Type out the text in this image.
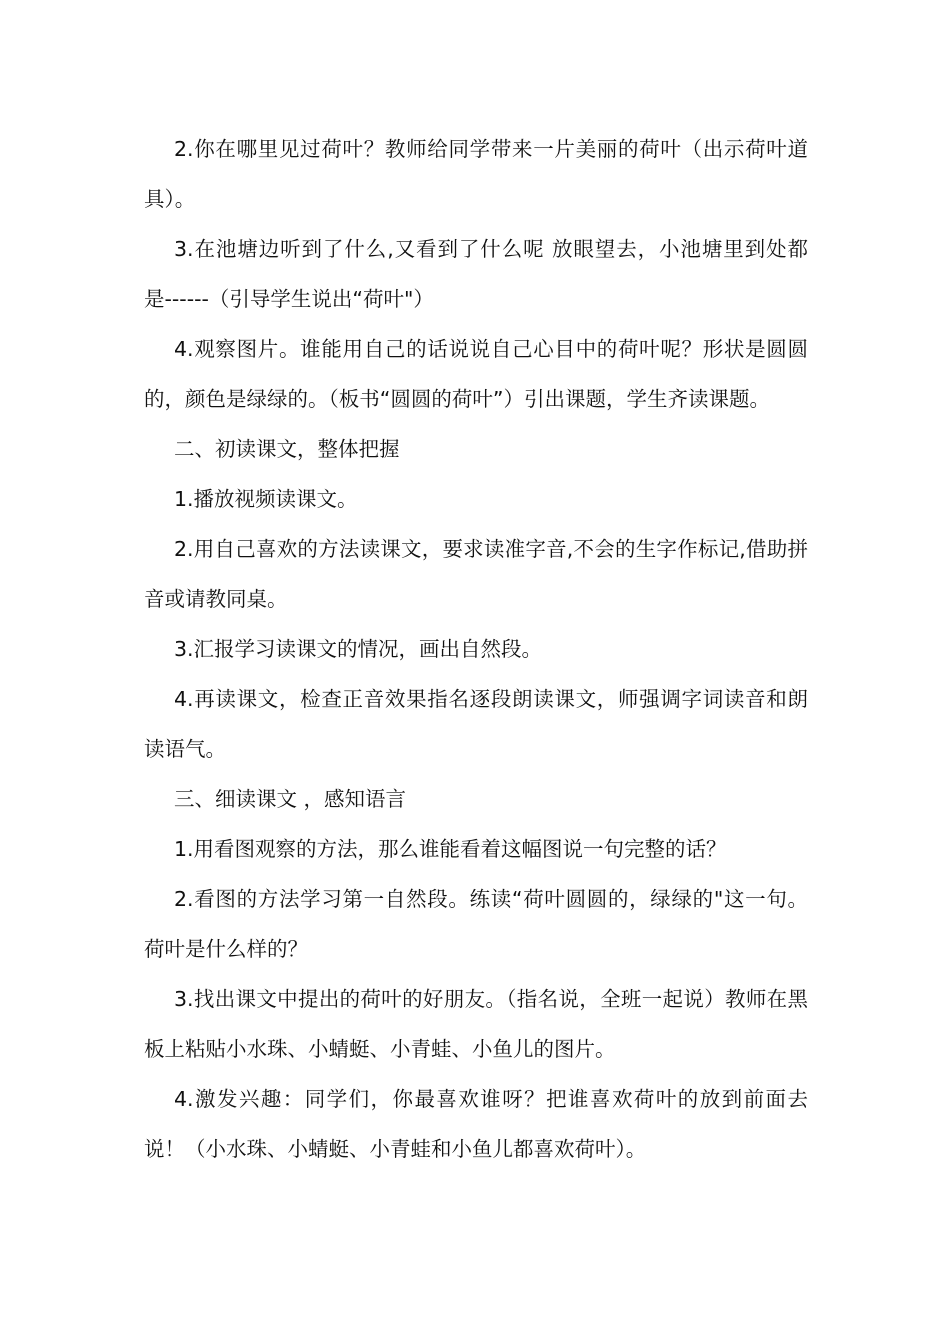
2.你在哪里见过荷叶？教师给同学带来一片美丽的荷叶（出示荷叶道具）。

3.在池塘边听到了什么,又看到了什么呢 放眼望去，小池塘里到处都是------（引导学生说出“荷叶"）

4.观察图片。谁能用自己的话说说自己心目中的荷叶呢？形状是圆圆的，颜色是绿绿的。（板书“圆圆的荷叶”）引出课题，学生齐读课题。

二、初读课文，整体把握

1.播放视频读课文。

2.用自己喜欢的方法读课文，要求读准字音,不会的生字作标记,借助拼音或请教同桌。

3.汇报学习读课文的情况，画出自然段。

4.再读课文，检查正音效果指名逐段朗读课文，师强调字词读音和朗读语气。

三、细读课文 ，感知语言

1.用看图观察的方法，那么谁能看着这幅图说一句完整的话？

2.看图的方法学习第一自然段。练读“荷叶圆圆的，绿绿的"这一句。荷叶是什么样的？

3.找出课文中提出的荷叶的好朋友。（指名说，全班一起说）教师在黑板上粘贴小水珠、小蜻蜓、小青蛙、小鱼儿的图片。

4.激发兴趣：同学们，你最喜欢谁呀？把谁喜欢荷叶的放到前面去说！（小水珠、小蜻蜓、小青蛙和小鱼儿都喜欢荷叶）。
